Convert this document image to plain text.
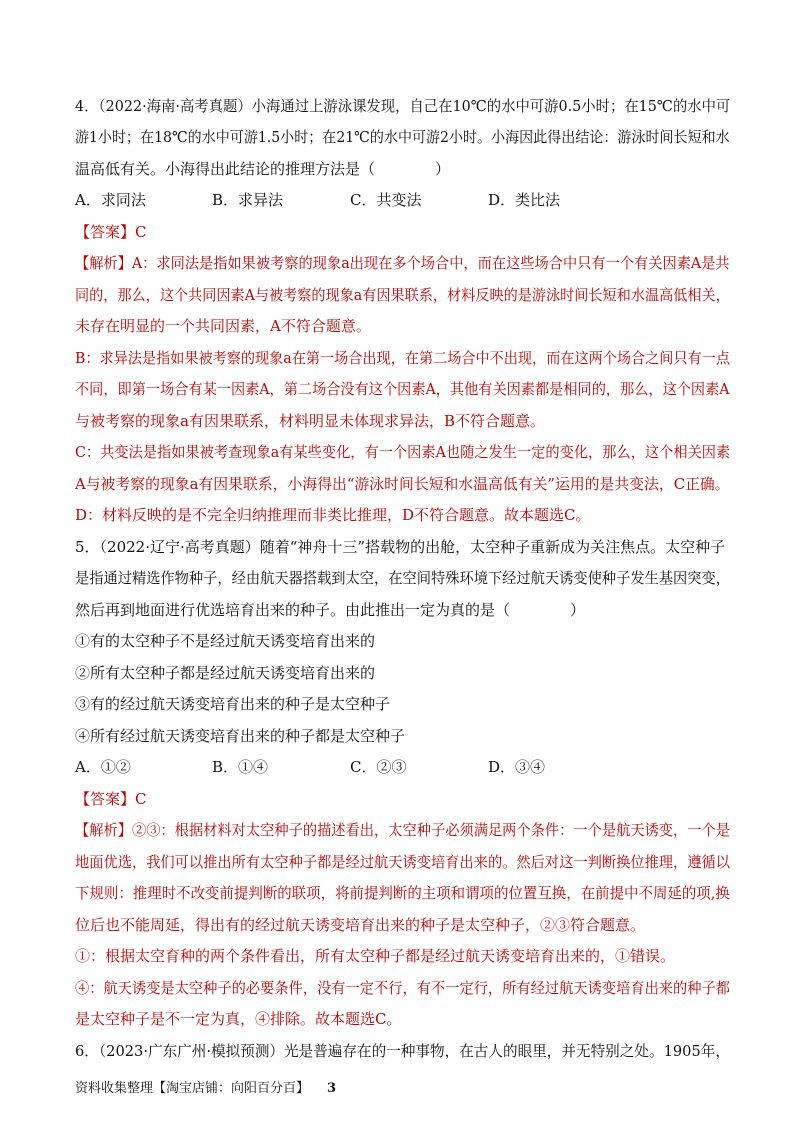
4．（2022·海南·高考真题）小海通过上游泳课发现，自己在10℃的水中可游0.5小时；在15℃的水中可
游1小时；在18℃的水中可游1.5小时；在21℃的水中可游2小时。小海因此得出结论：游泳时间长短和水
温高低有关。小海得出此结论的推理方法是（　　　　）
A．求同法	B．求异法	C．共变法	D．类比法
【答案】C
【解析】A：求同法是指如果被考察的现象a出现在多个场合中，而在这些场合中只有一个有关因素A是共
同的，那么，这个共同因素A与被考察的现象a有因果联系，材料反映的是游泳时间长短和水温高低相关，
未存在明显的一个共同因素，A不符合题意。
B：求异法是指如果被考察的现象a在第一场合出现，在第二场合中不出现，而在这两个场合之间只有一点
不同，即第一场合有某一因素A，第二场合没有这个因素A，其他有关因素都是相同的，那么，这个因素A
与被考察的现象a有因果联系，材料明显未体现求异法，B不符合题意。
C：共变法是指如果被考查现象a有某些变化，有一个因素A也随之发生一定的变化，那么，这个相关因素
A与被考察的现象a有因果联系，小海得出“游泳时间长短和水温高低有关”运用的是共变法，C正确。
D：材料反映的是不完全归纳推理而非类比推理，D不符合题意。故本题选C。
5．（2022·辽宁·高考真题）随着“神舟十三”搭载物的出舱，太空种子重新成为关注焦点。太空种子
是指通过精选作物种子，经由航天器搭载到太空，在空间特殊环境下经过航天诱变使种子发生基因突变，
然后再到地面进行优选培育出来的种子。由此推出一定为真的是（　　　　）
①有的太空种子不是经过航天诱变培育出来的
②所有太空种子都是经过航天诱变培育出来的
③有的经过航天诱变培育出来的种子是太空种子
④所有经过航天诱变培育出来的种子都是太空种子
A．①②	B．①④	C．②③	D．③④
【答案】C
【解析】②③：根据材料对太空种子的描述看出，太空种子必须满足两个条件：一个是航天诱变，一个是
地面优选，我们可以推出所有太空种子都是经过航天诱变培育出来的。然后对这一判断换位推理，遵循以
下规则：推理时不改变前提判断的联项，将前提判断的主项和谓项的位置互换，在前提中不周延的项,换
位后也不能周延，得出有的经过航天诱变培育出来的种子是太空种子，②③符合题意。
①：根据太空育种的两个条件看出，所有太空种子都是经过航天诱变培育出来的，①错误。
④：航天诱变是太空种子的必要条件，没有一定不行，有不一定行，所有经过航天诱变培育出来的种子都
是太空种子是不一定为真，④排除。故本题选C。
6．（2023·广东广州·模拟预测）光是普遍存在的一种事物，在古人的眼里，并无特别之处。1905年，
资料收集整理【淘宝店铺：向阳百分百】 3
